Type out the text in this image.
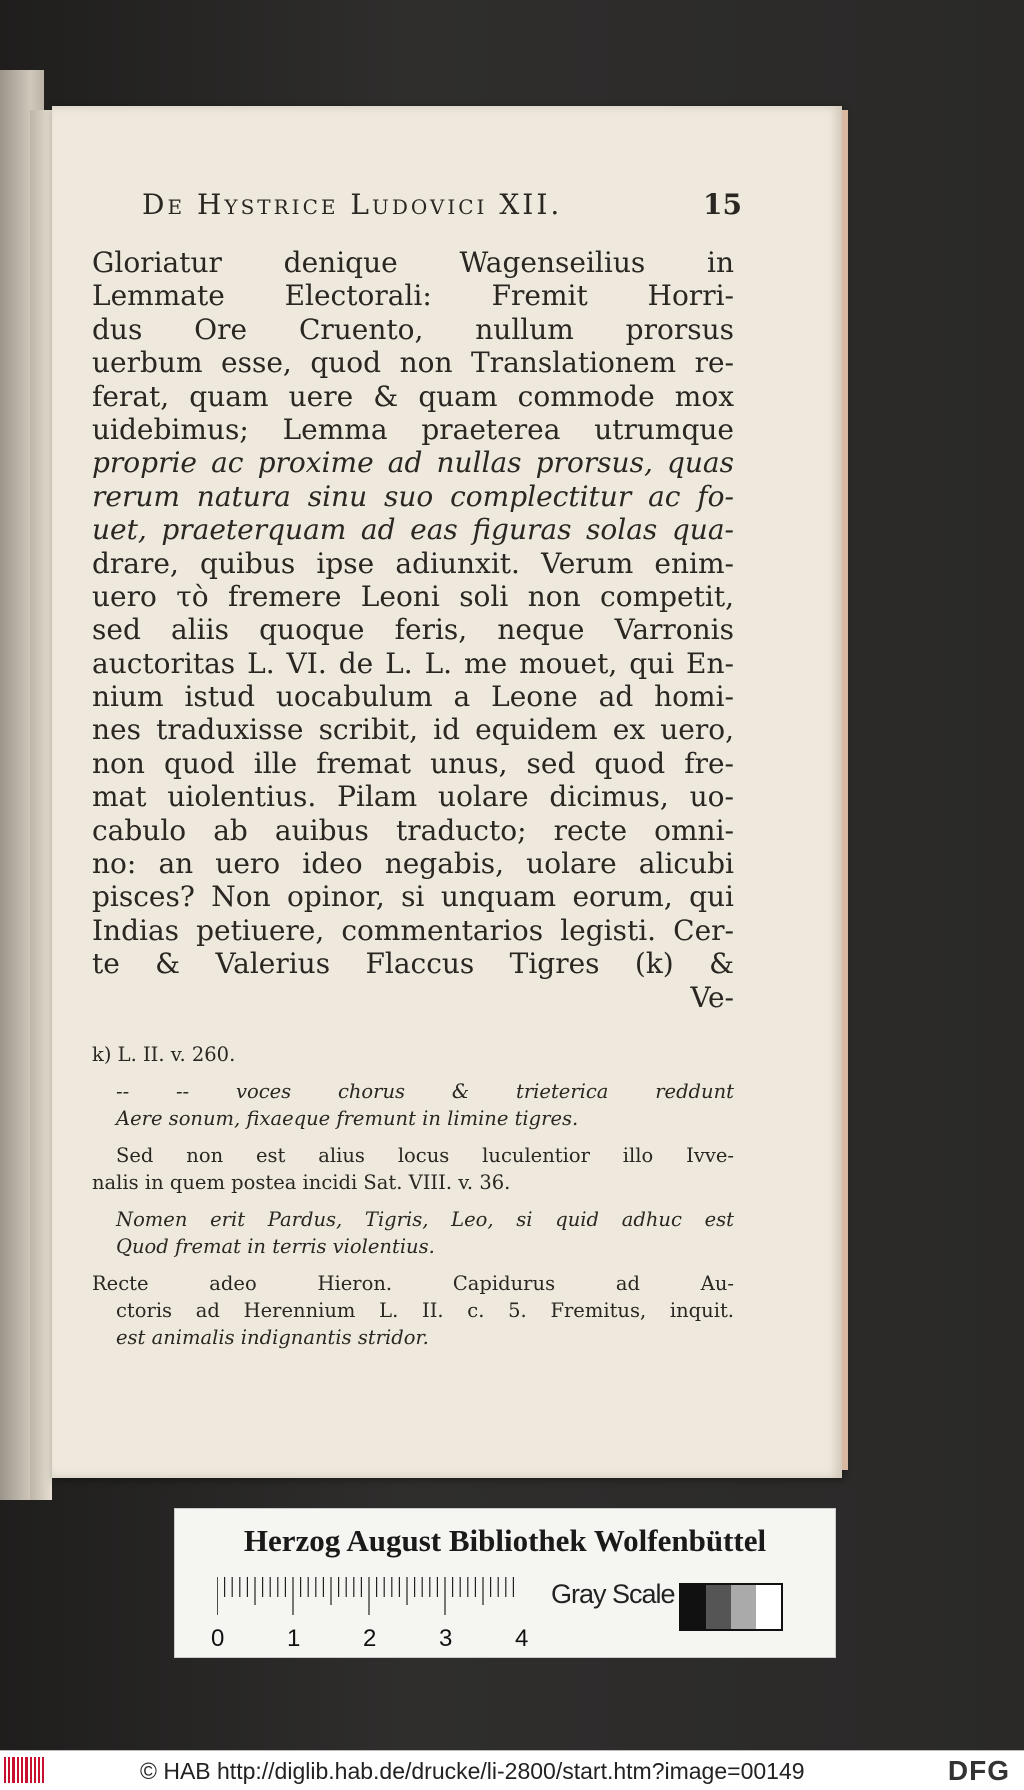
De Hystrice Ludovici XII.	15
Gloriatur denique Wagenseilius in
Lemmate Electorali: Fremit Horri-
dus Ore Cruento, nullum prorsus
uerbum esse, quod non Translationem re-
ferat, quam uere & quam commode mox
uidebimus; Lemma praeterea utrumque
proprie ac proxime ad nullas prorsus, quas
rerum natura sinu suo complectitur ac fo-
uet, praeterquam ad eas figuras solas qua-
drare, quibus ipse adiunxit. Verum enim-
uero τὸ fremere Leoni soli non competit,
sed aliis quoque feris, neque Varronis
auctoritas L. VI. de L. L. me mouet, qui En-
nium istud uocabulum a Leone ad homi-
nes traduxisse scribit, id equidem ex uero,
non quod ille fremat unus, sed quod fre-
mat uiolentius. Pilam uolare dicimus, uo-
cabulo ab auibus traducto; recte omni-
no: an uero ideo negabis, uolare alicubi
pisces? Non opinor, si unquam eorum, qui
Indias petiuere, commentarios legisti. Cer-
te & Valerius Flaccus Tigres (k) &
Ve-
k) L. II. v. 260.
-- -- voces chorus & trieterica reddunt
Aere sonum, fixaeque fremunt in limine tigres.
Sed non est alius locus luculentior illo Ivve-
nalis in quem postea incidi Sat. VIII. v. 36.
Nomen erit Pardus, Tigris, Leo, si quid adhuc est
Quod fremat in terris violentius.
Recte adeo Hieron. Capidurus ad Au-
ctoris ad Herennium L. II. c. 5. Fremitus, inquit.
est animalis indignantis stridor.
Herzog August Bibliothek Wolfenbüttel
0	1	2	3	4
Gray Scale
© HAB http://diglib.hab.de/drucke/li-2800/start.htm?image=00149	DFG
